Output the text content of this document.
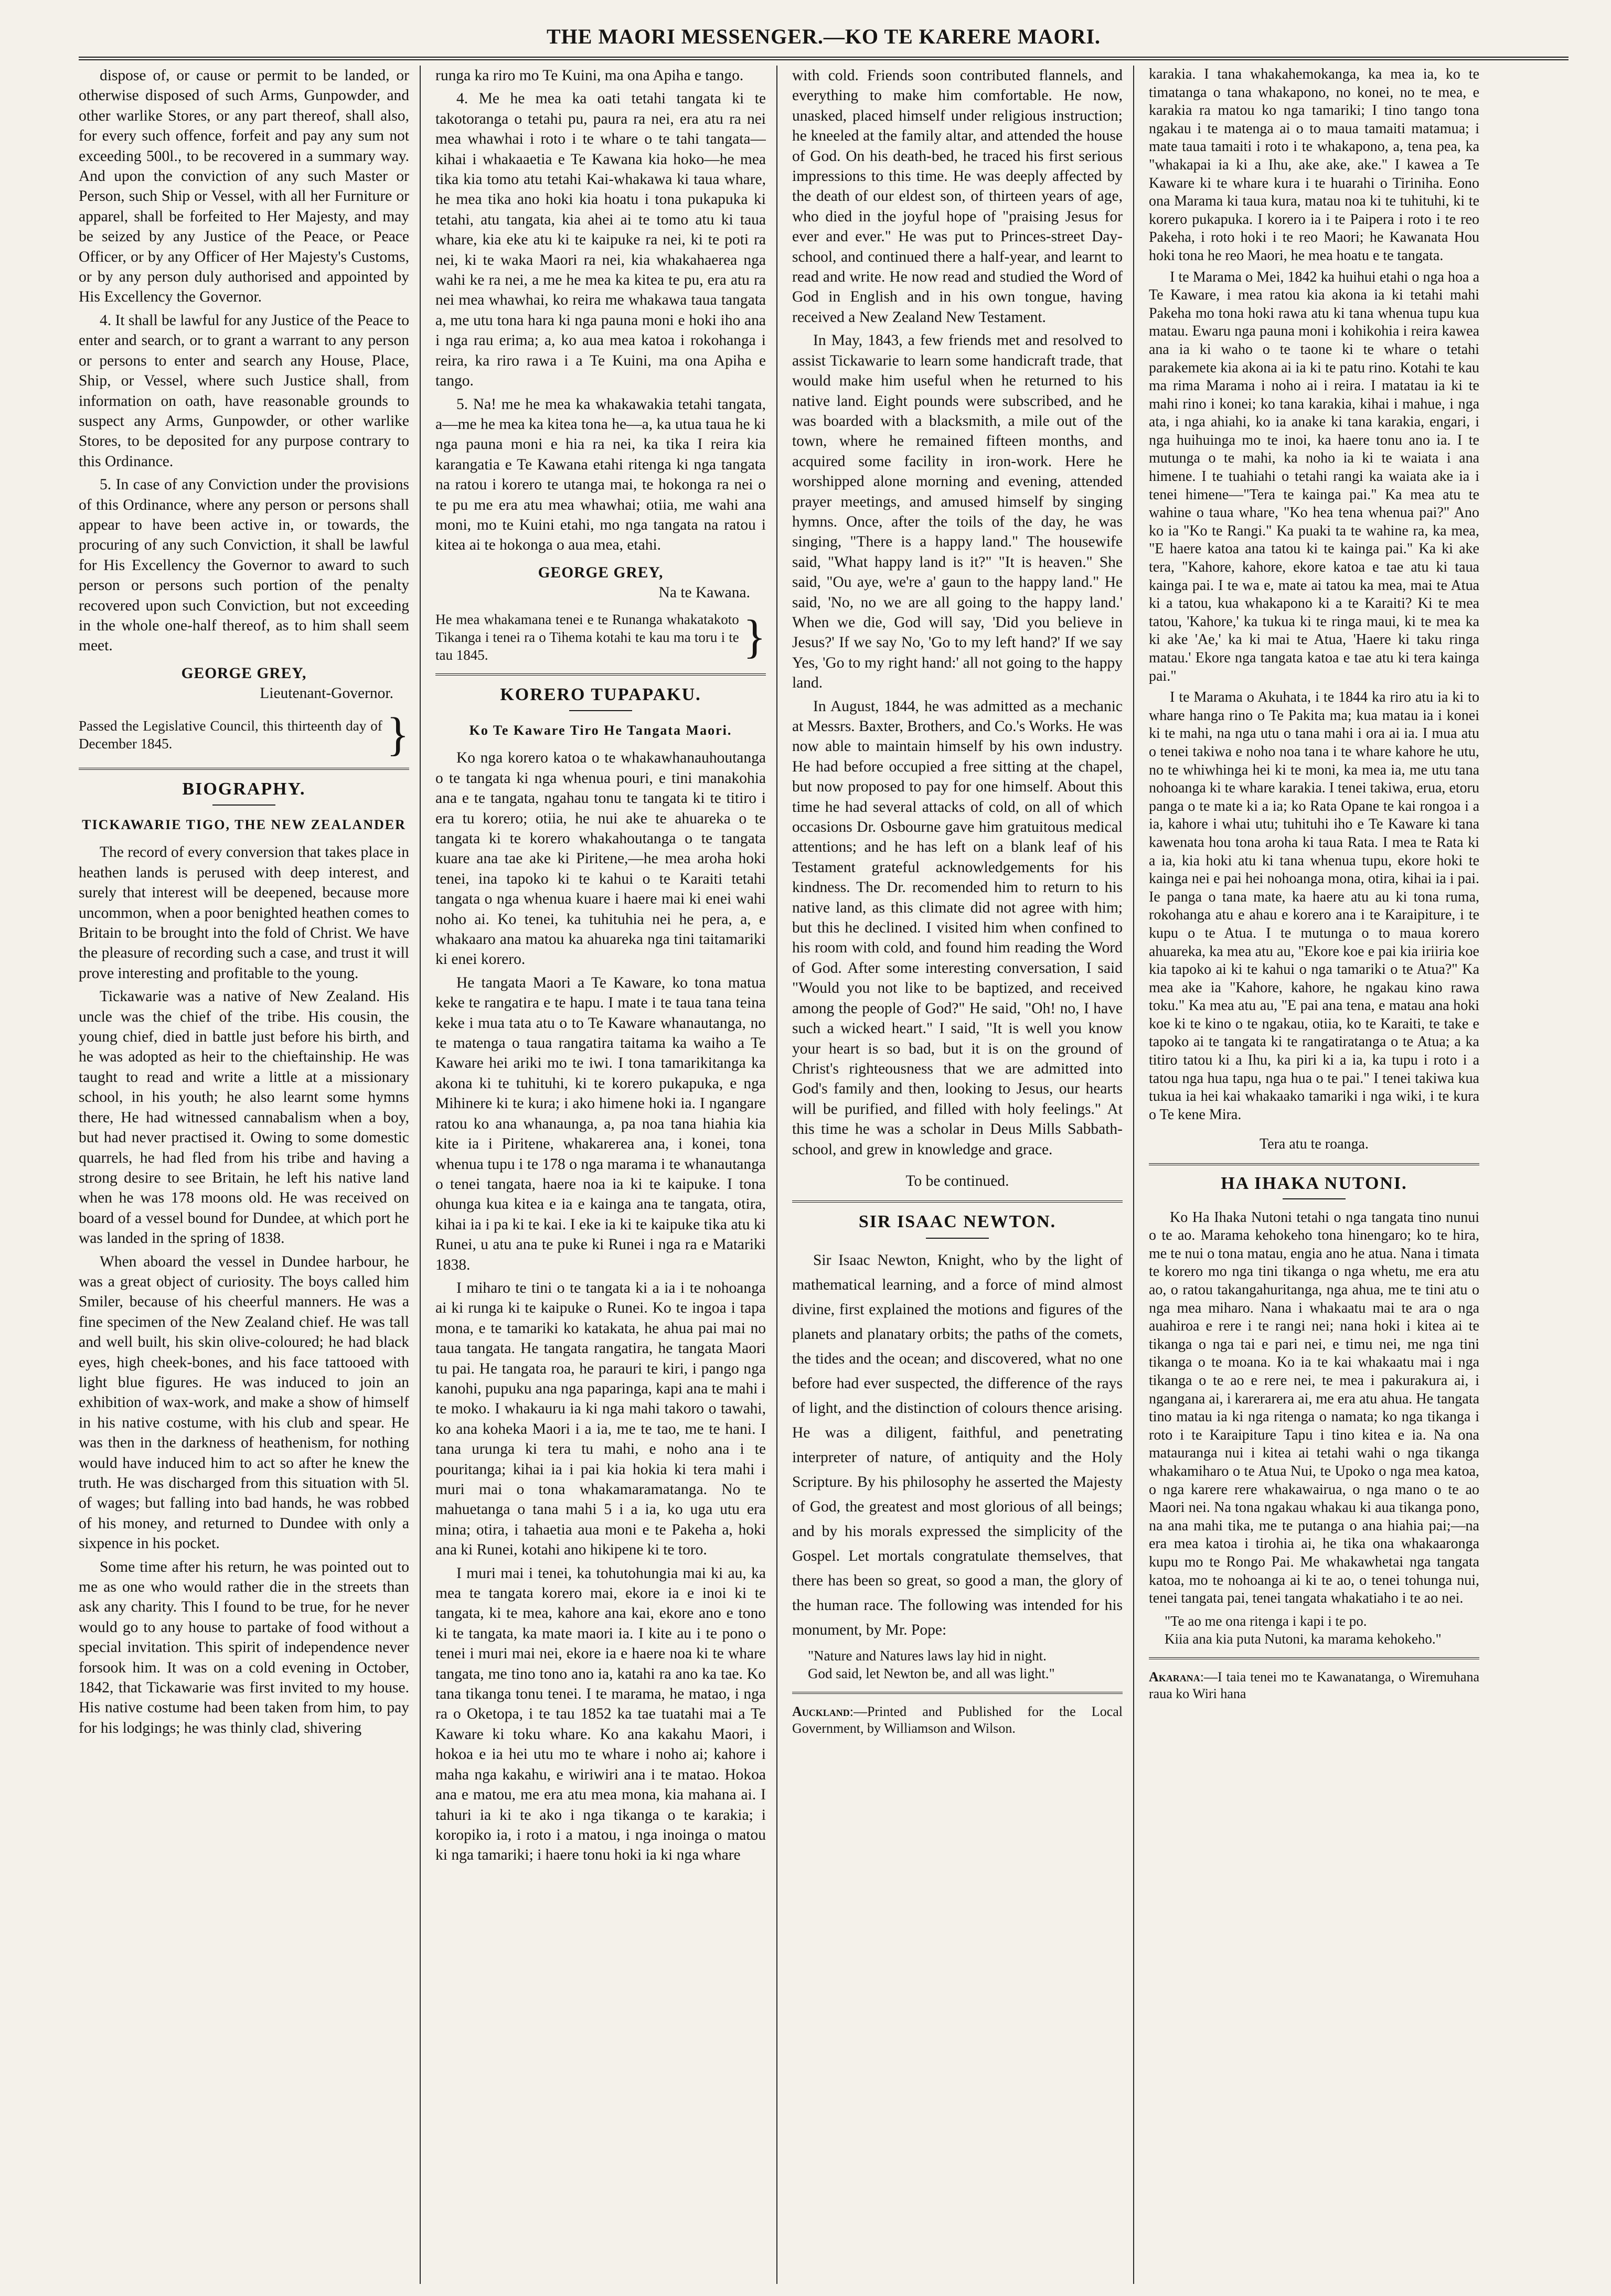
THE MAORI MESSENGER.—KO TE KARERE MAORI.

dispose of, or cause or permit to be landed, or otherwise disposed of such Arms, Gunpowder, and other warlike Stores, or any part thereof, shall also, for every such offence, forfeit and pay any sum not exceeding 500l., to be recovered in a summary way. And upon the conviction of any such Master or Person, such Ship or Vessel, with all her Furniture or apparel, shall be forfeited to Her Majesty, and may be seized by any Justice of the Peace, or Peace Officer, or by any Officer of Her Majesty's Customs, or by any person duly authorised and appointed by His Excellency the Governor.

4. It shall be lawful for any Justice of the Peace to enter and search, or to grant a warrant to any person or persons to enter and search any House, Place, Ship, or Vessel, where such Justice shall, from information on oath, have reasonable grounds to suspect any Arms, Gunpowder, or other warlike Stores, to be deposited for any purpose contrary to this Ordinance.

5. In case of any Conviction under the provisions of this Ordinance, where any person or persons shall appear to have been active in, or towards, the procuring of any such Conviction, it shall be lawful for His Excellency the Governor to award to such person or persons such portion of the penalty recovered upon such Conviction, but not exceeding in the whole one-half thereof, as to him shall seem meet.

GEORGE GREY,
Lieutenant-Governor.
Passed the Legislative Council, this thirteenth day of December 1845.	}
BIOGRAPHY.
TICKAWARIE TIGO, THE NEW ZEALANDER

The record of every conversion that takes place in heathen lands is perused with deep interest, and surely that interest will be deepened, because more uncommon, when a poor benighted heathen comes to Britain to be brought into the fold of Christ. We have the pleasure of recording such a case, and trust it will prove interesting and profitable to the young.

Tickawarie was a native of New Zealand. His uncle was the chief of the tribe. His cousin, the young chief, died in battle just before his birth, and he was adopted as heir to the chieftainship. He was taught to read and write a little at a missionary school, in his youth; he also learnt some hymns there, He had witnessed cannabalism when a boy, but had never practised it. Owing to some domestic quarrels, he had fled from his tribe and having a strong desire to see Britain, he left his native land when he was 178 moons old. He was received on board of a vessel bound for Dundee, at which port he was landed in the spring of 1838.

When aboard the vessel in Dundee harbour, he was a great object of curiosity. The boys called him Smiler, because of his cheerful manners. He was a fine specimen of the New Zealand chief. He was tall and well built, his skin olive-coloured; he had black eyes, high cheek-bones, and his face tattooed with light blue figures. He was induced to join an exhibition of wax-work, and make a show of himself in his native costume, with his club and spear. He was then in the darkness of heathenism, for nothing would have induced him to act so after he knew the truth. He was discharged from this situation with 5l. of wages; but falling into bad hands, he was robbed of his money, and returned to Dundee with only a sixpence in his pocket.

Some time after his return, he was pointed out to me as one who would rather die in the streets than ask any charity. This I found to be true, for he never would go to any house to partake of food without a special invitation. This spirit of independence never forsook him. It was on a cold evening in October, 1842, that Tickawarie was first invited to my house. His native costume had been taken from him, to pay for his lodgings; he was thinly clad, shivering

runga ka riro mo Te Kuini, ma ona Apiha e tango.

4. Me he mea ka oati tetahi tangata ki te takotoranga o tetahi pu, paura ra nei, era atu ra nei mea whawhai i roto i te whare o te tahi tangata—kihai i whakaaetia e Te Kawana kia hoko—he mea tika kia tomo atu tetahi Kai-whakawa ki taua whare, he mea tika ano hoki kia hoatu i tona pukapuka ki tetahi, atu tangata, kia ahei ai te tomo atu ki taua whare, kia eke atu ki te kaipuke ra nei, ki te poti ra nei, ki te waka Maori ra nei, kia whakahaerea nga wahi ke ra nei, a me he mea ka kitea te pu, era atu ra nei mea whawhai, ko reira me whakawa taua tangata a, me utu tona hara ki nga pauna moni e hoki iho ana i nga rau erima; a, ko aua mea katoa i rokohanga i reira, ka riro rawa i a Te Kuini, ma ona Apiha e tango.

5. Na! me he mea ka whakawakia tetahi tangata, a—me he mea ka kitea tona he—a, ka utua taua he ki nga pauna moni e hia ra nei, ka tika I reira kia karangatia e Te Kawana etahi ritenga ki nga tangata na ratou i korero te utanga mai, te hokonga ra nei o te pu me era atu mea whawhai; otiia, me wahi ana moni, mo te Kuini etahi, mo nga tangata na ratou i kitea ai te hokonga o aua mea, etahi.

GEORGE GREY,
Na te Kawana.
He mea whakamana tenei e te Runanga whakatakoto Tikanga i tenei ra o Tihema kotahi te kau ma toru i te tau 1845.	}
KORERO TUPAPAKU.
Ko Te Kaware Tiro He Tangata Maori.

Ko nga korero katoa o te whakawhanauhoutanga o te tangata ki nga whenua pouri, e tini manakohia ana e te tangata, ngahau tonu te tangata ki te titiro i era tu korero; otiia, he nui ake te ahuareka o te tangata ki te korero whakahoutanga o te tangata kuare ana tae ake ki Piritene,—he mea aroha hoki tenei, ina tapoko ki te kahui o te Karaiti tetahi tangata o nga whenua kuare i haere mai ki enei wahi noho ai. Ko tenei, ka tuhituhia nei he pera, a, e whakaaro ana matou ka ahuareka nga tini taitamariki ki enei korero.

He tangata Maori a Te Kaware, ko tona matua keke te rangatira e te hapu. I mate i te taua tana teina keke i mua tata atu o to Te Kaware whanautanga, no te matenga o taua rangatira taitama ka waiho a Te Kaware hei ariki mo te iwi. I tona tamarikitanga ka akona ki te tuhituhi, ki te korero pukapuka, e nga Mihinere ki te kura; i ako himene hoki ia. I ngangare ratou ko ana whanaunga, a, pa noa tana hiahia kia kite ia i Piritene, whakarerea ana, i konei, tona whenua tupu i te 178 o nga marama i te whanautanga o tenei tangata, haere noa ia ki te kaipuke. I tona ohunga kua kitea e ia e kainga ana te tangata, otira, kihai ia i pa ki te kai. I eke ia ki te kaipuke tika atu ki Runei, u atu ana te puke ki Runei i nga ra e Matariki 1838.

I miharo te tini o te tangata ki a ia i te nohoanga ai ki runga ki te kaipuke o Runei. Ko te ingoa i tapa mona, e te tamariki ko katakata, he ahua pai mai no taua tangata. He tangata rangatira, he tangata Maori tu pai. He tangata roa, he parauri te kiri, i pango nga kanohi, pupuku ana nga paparinga, kapi ana te mahi i te moko. I whakauru ia ki nga mahi takoro o tawahi, ko ana koheka Maori i a ia, me te tao, me te hani. I tana urunga ki tera tu mahi, e noho ana i te pouritanga; kihai ia i pai kia hokia ki tera mahi i muri mai o tona whakamaramatanga. No te mahuetanga o tana mahi 5 i a ia, ko uga utu era mina; otira, i tahaetia aua moni e te Pakeha a, hoki ana ki Runei, kotahi ano hikipene ki te toro.

I muri mai i tenei, ka tohutohungia mai ki au, ka mea te tangata korero mai, ekore ia e inoi ki te tangata, ki te mea, kahore ana kai, ekore ano e tono ki te tangata, ka mate maori ia. I kite au i te pono o tenei i muri mai nei, ekore ia e haere noa ki te whare tangata, me tino tono ano ia, katahi ra ano ka tae. Ko tana tikanga tonu tenei. I te marama, he matao, i nga ra o Oketopa, i te tau 1852 ka tae tuatahi mai a Te Kaware ki toku whare. Ko ana kakahu Maori, i hokoa e ia hei utu mo te whare i noho ai; kahore i maha nga kakahu, e wiriwiri ana i te matao. Hokoa ana e matou, me era atu mea mona, kia mahana ai. I tahuri ia ki te ako i nga tikanga o te karakia; i koropiko ia, i roto i a matou, i nga inoinga o matou ki nga tamariki; i haere tonu hoki ia ki nga whare

with cold. Friends soon contributed flannels, and everything to make him comfortable. He now, unasked, placed himself under religious instruction; he kneeled at the family altar, and attended the house of God. On his death-bed, he traced his first serious impressions to this time. He was deeply affected by the death of our eldest son, of thirteen years of age, who died in the joyful hope of "praising Jesus for ever and ever." He was put to Princes-street Day-school, and continued there a half-year, and learnt to read and write. He now read and studied the Word of God in English and in his own tongue, having received a New Zealand New Testament.

In May, 1843, a few friends met and resolved to assist Tickawarie to learn some handicraft trade, that would make him useful when he returned to his native land. Eight pounds were subscribed, and he was boarded with a blacksmith, a mile out of the town, where he remained fifteen months, and acquired some facility in iron-work. Here he worshipped alone morning and evening, attended prayer meetings, and amused himself by singing hymns. Once, after the toils of the day, he was singing, "There is a happy land." The housewife said, "What happy land is it?" "It is heaven." She said, "Ou aye, we're a' gaun to the happy land." He said, 'No, no we are all going to the happy land.' When we die, God will say, 'Did you believe in Jesus?' If we say No, 'Go to my left hand?' If we say Yes, 'Go to my right hand:' all not going to the happy land.

In August, 1844, he was admitted as a mechanic at Messrs. Baxter, Brothers, and Co.'s Works. He was now able to maintain himself by his own industry. He had before occupied a free sitting at the chapel, but now proposed to pay for one himself. About this time he had several attacks of cold, on all of which occasions Dr. Osbourne gave him gratuitous medical attentions; and he has left on a blank leaf of his Testament grateful acknowledgements for his kindness. The Dr. recomended him to return to his native land, as this climate did not agree with him; but this he declined. I visited him when confined to his room with cold, and found him reading the Word of God. After some interesting conversation, I said "Would you not like to be baptized, and received among the people of God?" He said, "Oh! no, I have such a wicked heart." I said, "It is well you know your heart is so bad, but it is on the ground of Christ's righteousness that we are admitted into God's family and then, looking to Jesus, our hearts will be purified, and filled with holy feelings." At this time he was a scholar in Deus Mills Sabbath-school, and grew in knowledge and grace.

To be continued.
SIR ISAAC NEWTON.

Sir Isaac Newton, Knight, who by the light of mathematical learning, and a force of mind almost divine, first explained the motions and figures of the planets and planatary orbits; the paths of the comets, the tides and the ocean; and discovered, what no one before had ever suspected, the difference of the rays of light, and the distinction of colours thence arising. He was a diligent, faithful, and penetrating interpreter of nature, of antiquity and the Holy Scripture. By his philosophy he asserted the Majesty of God, the greatest and most glorious of all beings; and by his morals expressed the simplicity of the Gospel. Let mortals congratulate themselves, that there has been so great, so good a man, the glory of the human race. The following was intended for his monument, by Mr. Pope:

"Nature and Natures laws lay hid in night.
God said, let Newton be, and all was light."
Auckland:—Printed and Published for the Local Government, by Williamson and Wilson.

karakia. I tana whakahemokanga, ka mea ia, ko te timatanga o tana whakapono, no konei, no te mea, e karakia ra matou ko nga tamariki; I tino tango tona ngakau i te matenga ai o to maua tamaiti matamua; i mate taua tamaiti i roto i te whakapono, a, tena pea, ka "whakapai ia ki a Ihu, ake ake, ake." I kawea a Te Kaware ki te whare kura i te huarahi o Tiriniha. Eono ona Marama ki taua kura, matau noa ki te tuhituhi, ki te korero pukapuka. I korero ia i te Paipera i roto i te reo Pakeha, i roto hoki i te reo Maori; he Kawanata Hou hoki tona he reo Maori, he mea hoatu e te tangata.

I te Marama o Mei, 1842 ka huihui etahi o nga hoa a Te Kaware, i mea ratou kia akona ia ki tetahi mahi Pakeha mo tona hoki rawa atu ki tana whenua tupu kua matau. Ewaru nga pauna moni i kohikohia i reira kawea ana ia ki waho o te taone ki te whare o tetahi parakemete kia akona ai ia ki te patu rino. Kotahi te kau ma rima Marama i noho ai i reira. I matatau ia ki te mahi rino i konei; ko tana karakia, kihai i mahue, i nga ata, i nga ahiahi, ko ia anake ki tana karakia, engari, i nga huihuinga mo te inoi, ka haere tonu ano ia. I te mutunga o te mahi, ka noho ia ki te waiata i ana himene. I te tuahiahi o tetahi rangi ka waiata ake ia i tenei himene—"Tera te kainga pai." Ka mea atu te wahine o taua whare, "Ko hea tena whenua pai?" Ano ko ia "Ko te Rangi." Ka puaki ta te wahine ra, ka mea, "E haere katoa ana tatou ki te kainga pai." Ka ki ake tera, "Kahore, kahore, ekore katoa e tae atu ki taua kainga pai. I te wa e, mate ai tatou ka mea, mai te Atua ki a tatou, kua whakapono ki a te Karaiti? Ki te mea tatou, 'Kahore,' ka tukua ki te ringa maui, ki te mea ka ki ake 'Ae,' ka ki mai te Atua, 'Haere ki taku ringa matau.' Ekore nga tangata katoa e tae atu ki tera kainga pai."

I te Marama o Akuhata, i te 1844 ka riro atu ia ki to whare hanga rino o Te Pakita ma; kua matau ia i konei ki te mahi, na nga utu o tana mahi i ora ai ia. I mua atu o tenei takiwa e noho noa tana i te whare kahore he utu, no te whiwhinga hei ki te moni, ka mea ia, me utu tana nohoanga ki te whare karakia. I tenei takiwa, erua, etoru panga o te mate ki a ia; ko Rata Opane te kai rongoa i a ia, kahore i whai utu; tuhituhi iho e Te Kaware ki tana kawenata hou tona aroha ki taua Rata. I mea te Rata ki a ia, kia hoki atu ki tana whenua tupu, ekore hoki te kainga nei e pai hei nohoanga mona, otira, kihai ia i pai. Ie panga o tana mate, ka haere atu au ki tona ruma, rokohanga atu e ahau e korero ana i te Karaipiture, i te kupu o te Atua. I te mutunga o to maua korero ahuareka, ka mea atu au, "Ekore koe e pai kia iriiria koe kia tapoko ai ki te kahui o nga tamariki o te Atua?" Ka mea ake ia "Kahore, kahore, he ngakau kino rawa toku." Ka mea atu au, "E pai ana tena, e matau ana hoki koe ki te kino o te ngakau, otiia, ko te Karaiti, te take e tapoko ai te tangata ki te rangatiratanga o te Atua; a ka titiro tatou ki a Ihu, ka piri ki a ia, ka tupu i roto i a tatou nga hua tapu, nga hua o te pai." I tenei takiwa kua tukua ia hei kai whakaako tamariki i nga wiki, i te kura o Te kene Mira.

Tera atu te roanga.
HA IHAKA NUTONI.

Ko Ha Ihaka Nutoni tetahi o nga tangata tino nunui o te ao. Marama kehokeho tona hinengaro; ko te hira, me te nui o tona matau, engia ano he atua. Nana i timata te korero mo nga tini tikanga o nga whetu, me era atu ao, o ratou takangahuritanga, nga ahua, me te tini atu o nga mea miharo. Nana i whakaatu mai te ara o nga auahiroa e rere i te rangi nei; nana hoki i kitea ai te tikanga o nga tai e pari nei, e timu nei, me nga tini tikanga o te moana. Ko ia te kai whakaatu mai i nga tikanga o te ao e rere nei, te mea i pakurakura ai, i ngangana ai, i karerarera ai, me era atu ahua. He tangata tino matau ia ki nga ritenga o namata; ko nga tikanga i roto i te Karaipiture Tapu i tino kitea e ia. Na ona matauranga nui i kitea ai tetahi wahi o nga tikanga whakamiharo o te Atua Nui, te Upoko o nga mea katoa, o nga karere rere whakawairua, o nga mano o te ao Maori nei. Na tona ngakau whakau ki aua tikanga pono, na ana mahi tika, me te putanga o ana hiahia pai;—na era mea katoa i tirohia ai, he tika ona whakaaronga kupu mo te Rongo Pai. Me whakawhetai nga tangata katoa, mo te nohoanga ai ki te ao, o tenei tohunga nui, tenei tangata pai, tenei tangata whakatiaho i te ao nei.

"Te ao me ona ritenga i kapi i te po.
Kiia ana kia puta Nutoni, ka marama kehokeho."
Akarana:—I taia tenei mo te Kawanatanga, o Wiremuhana raua ko Wiri hana
